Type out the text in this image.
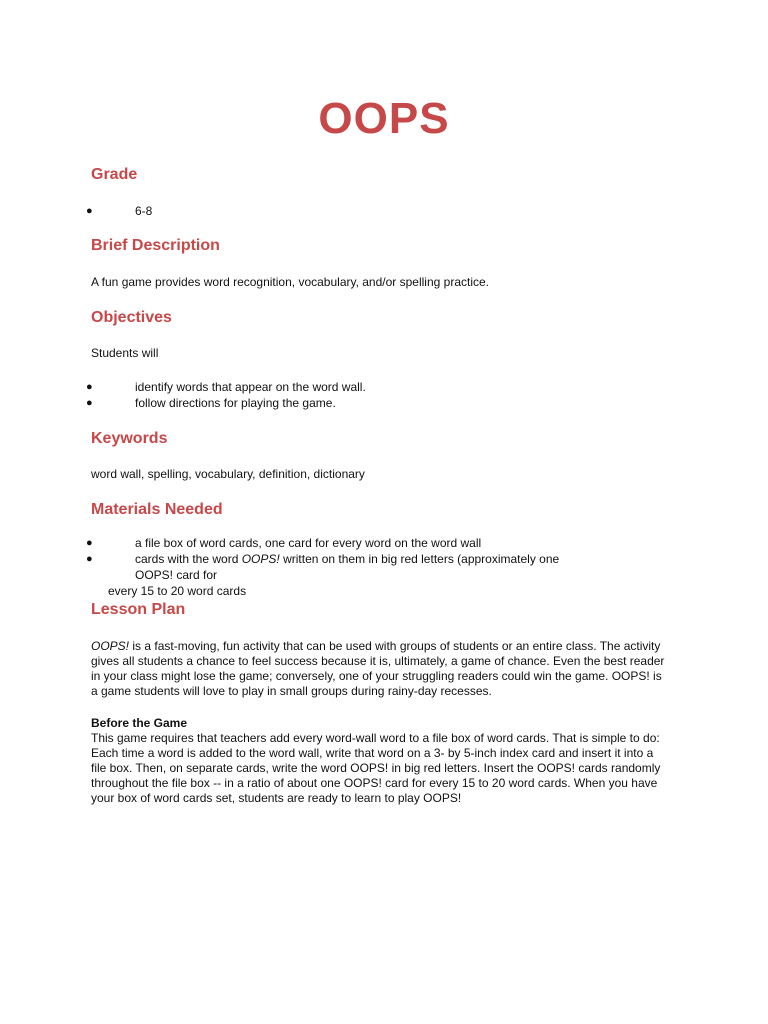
OOPS
Grade
●	6-8
Brief Description

A fun game provides word recognition, vocabulary, and/or spelling practice.

Objectives

Students will

●	identify words that appear on the word wall.
●	follow directions for playing the game.
Keywords

word wall, spelling, vocabulary, definition, dictionary

Materials Needed
●	a file box of word cards, one card for every word on the word wall
●	cards with the word OOPS! written on them in big red letters (approximately one OOPS! card for
every 15 to 20 word cards
Lesson Plan

OOPS! is a fast-moving, fun activity that can be used with groups of students or an entire class. The activity gives all students a chance to feel success because it is, ultimately, a game of chance. Even the best reader in your class might lose the game; conversely, one of your struggling readers could win the game. OOPS! is a game students will love to play in small groups during rainy-day recesses.

Before the Game
This game requires that teachers add every word-wall word to a file box of word cards. That is simple to do: Each time a word is added to the word wall, write that word on a 3- by 5-inch index card and insert it into a file box. Then, on separate cards, write the word OOPS! in big red letters. Insert the OOPS! cards randomly throughout the file box -- in a ratio of about one OOPS! card for every 15 to 20 word cards. When you have your box of word cards set, students are ready to learn to play OOPS!
